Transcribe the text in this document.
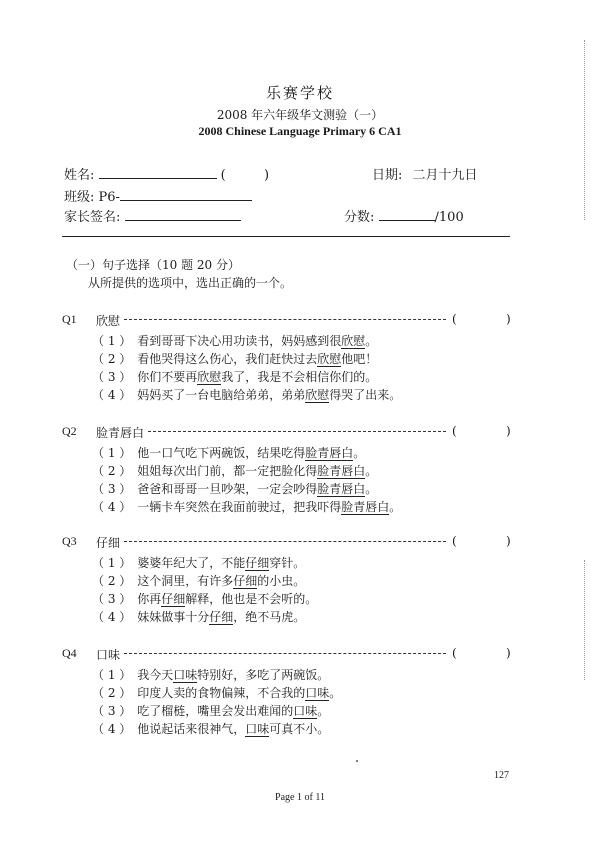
乐赛学校
2008 年六年级华文测验（一）
2008 Chinese Language Primary 6 CA1
姓名:	(	)	日期: 二月十九日
班级: P6-
家长签名:	分数:	/100
（一）句子选择（10 题 20 分）
从所提供的选项中，选出正确的一个。
Q1 欣慰	(	)
（ 1 ） 看到哥哥下决心用功读书，妈妈感到很欣慰。
（ 2 ） 看他哭得这么伤心，我们赶快过去欣慰他吧！
（ 3 ） 你们不要再欣慰我了，我是不会相信你们的。
（ 4 ） 妈妈买了一台电脑给弟弟，弟弟欣慰得哭了出来。
Q2 脸青唇白	(	)
（ 1 ） 他一口气吃下两碗饭，结果吃得脸青唇白。
（ 2 ） 姐姐每次出门前，都一定把脸化得脸青唇白。
（ 3 ） 爸爸和哥哥一旦吵架，一定会吵得脸青唇白。
（ 4 ） 一辆卡车突然在我面前驶过，把我吓得脸青唇白。
Q3 仔细	(	)
（ 1 ） 婆婆年纪大了，不能仔细穿针。
（ 2 ） 这个洞里，有许多仔细的小虫。
（ 3 ） 你再仔细解释，他也是不会听的。
（ 4 ） 妹妹做事十分仔细，绝不马虎。
Q4 口味	(	)
（ 1 ） 我今天口味特别好，多吃了两碗饭。
（ 2 ） 印度人卖的食物偏辣，不合我的口味。
（ 3 ） 吃了榴梿，嘴里会发出难闻的口味。
（ 4 ） 他说起话来很神气，口味可真不小。
127
Page 1 of 11
